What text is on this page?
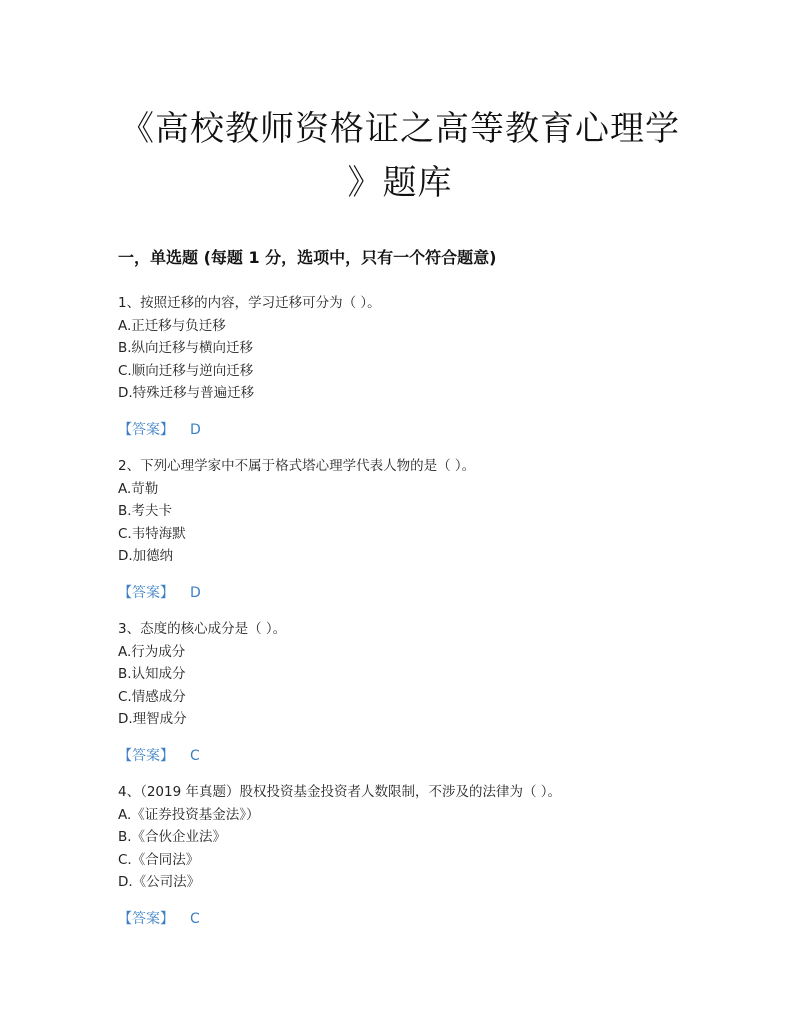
《高校教师资格证之高等教育心理学
》题库
一，单选题 (每题 1 分，选项中，只有一个符合题意)
1、按照迁移的内容，学习迁移可分为（ ）。
A.正迁移与负迁移
B.纵向迁移与横向迁移
C.顺向迁移与逆向迁移
D.特殊迁移与普遍迁移
【答案】 D
2、下列心理学家中不属于格式塔心理学代表人物的是（ ）。
A.苛勒
B.考夫卡
C.韦特海默
D.加德纳
【答案】 D
3、态度的核心成分是（ ）。
A.行为成分
B.认知成分
C.情感成分
D.理智成分
【答案】 C
4、（2019 年真题）股权投资基金投资者人数限制，不涉及的法律为（ ）。
A.《证券投资基金法》）
B.《合伙企业法》
C.《合同法》
D.《公司法》
【答案】 C
